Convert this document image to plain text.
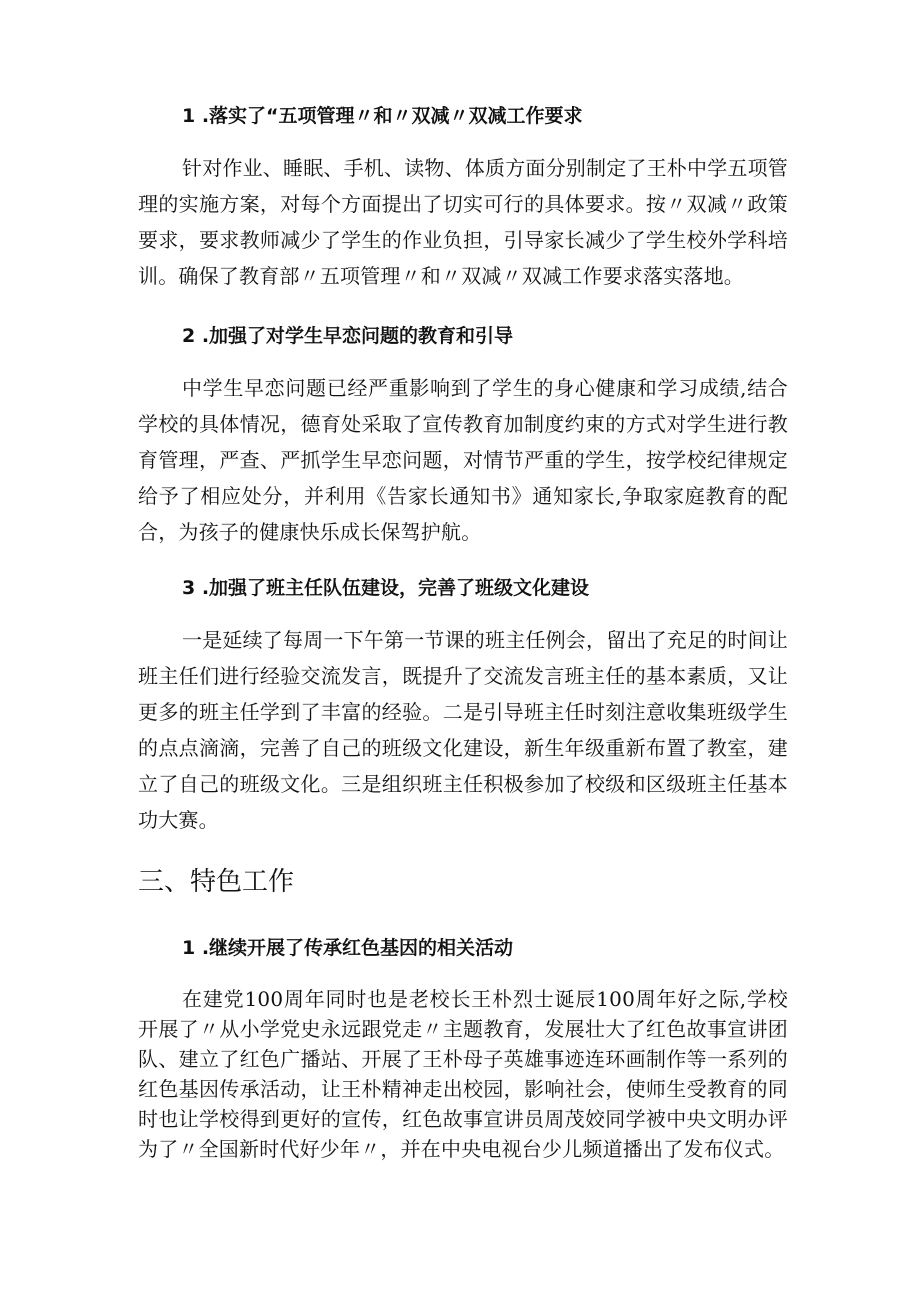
1 .落实了“五项管理〃和〃双减〃双减工作要求
针对作业、睡眠、手机、读物、体质方面分别制定了王朴中学五项管理的实施方案，对每个方面提出了切实可行的具体要求。按〃双减〃政策要求，要求教师减少了学生的作业负担，引导家长减少了学生校外学科培训。确保了教育部〃五项管理〃和〃双减〃双减工作要求落实落地。
2 .加强了对学生早恋问题的教育和引导
中学生早恋问题已经严重影响到了学生的身心健康和学习成绩,结合学校的具体情况，德育处采取了宣传教育加制度约束的方式对学生进行教育管理，严查、严抓学生早恋问题，对情节严重的学生，按学校纪律规定给予了相应处分，并利用《告家长通知书》通知家长,争取家庭教育的配合，为孩子的健康快乐成长保驾护航。
3 .加强了班主任队伍建设，完善了班级文化建设
一是延续了每周一下午第一节课的班主任例会，留出了充足的时间让班主任们进行经验交流发言，既提升了交流发言班主任的基本素质，又让更多的班主任学到了丰富的经验。二是引导班主任时刻注意收集班级学生的点点滴滴，完善了自己的班级文化建设，新生年级重新布置了教室，建立了自己的班级文化。三是组织班主任积极参加了校级和区级班主任基本功大赛。
三、特色工作
1 .继续开展了传承红色基因的相关活动
在建党100周年同时也是老校长王朴烈士诞辰100周年好之际,学校开展了〃从小学党史永远跟党走〃主题教育，发展壮大了红色故事宣讲团队、建立了红色广播站、开展了王朴母子英雄事迹连环画制作等一系列的红色基因传承活动，让王朴精神走出校园，影响社会，使师生受教育的同时也让学校得到更好的宣传，红色故事宣讲员周茂姣同学被中央文明办评为了〃全国新时代好少年〃，并在中央电视台少儿频道播出了发布仪式。
